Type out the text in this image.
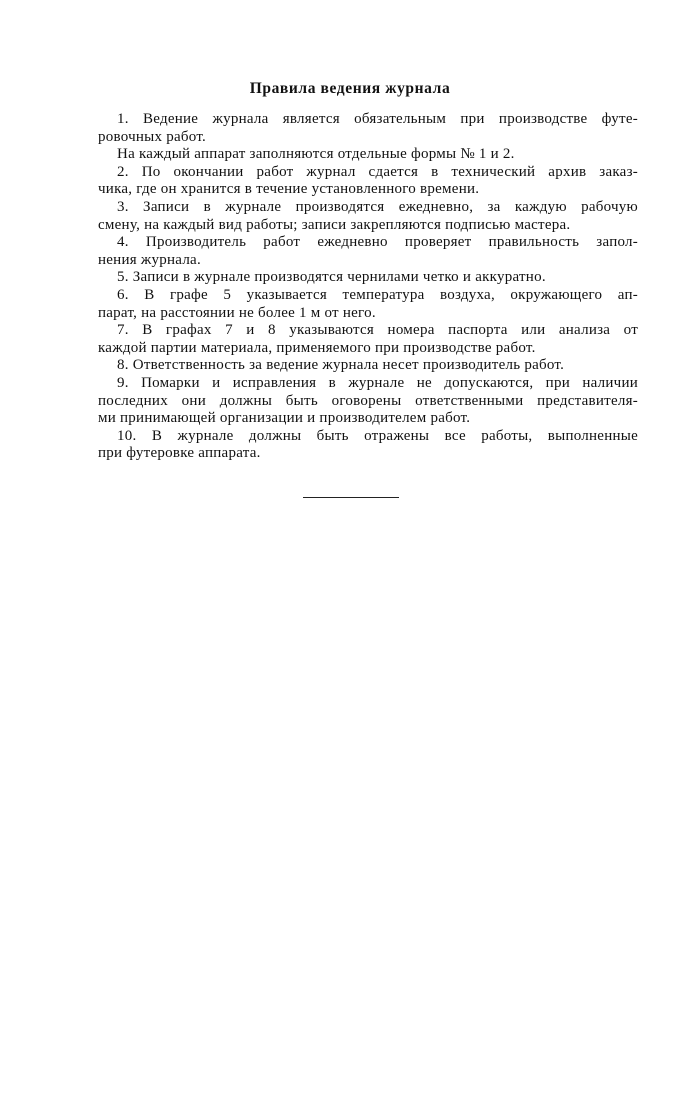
Правила ведения журнала
1. Ведение журнала является обязательным при производстве футе-
ровочных работ.
На каждый аппарат заполняются отдельные формы № 1 и 2.
2. По окончании работ журнал сдается в технический архив заказ-
чика, где он хранится в течение установленного времени.
3. Записи в журнале производятся ежедневно, за каждую рабочую
смену, на каждый вид работы; записи закрепляются подписью мастера.
4. Производитель работ ежедневно проверяет правильность запол-
нения журнала.
5. Записи в журнале производятся чернилами четко и аккуратно.
6. В графе 5 указывается температура воздуха, окружающего ап-
парат, на расстоянии не более 1 м от него.
7. В графах 7 и 8 указываются номера паспорта или анализа от
каждой партии материала, применяемого при производстве работ.
8. Ответственность за ведение журнала несет производитель работ.
9. Помарки и исправления в журнале не допускаются, при наличии
последних они должны быть оговорены ответственными представителя-
ми принимающей организации и производителем работ.
10. В журнале должны быть отражены все работы, выполненные
при футеровке аппарата.
